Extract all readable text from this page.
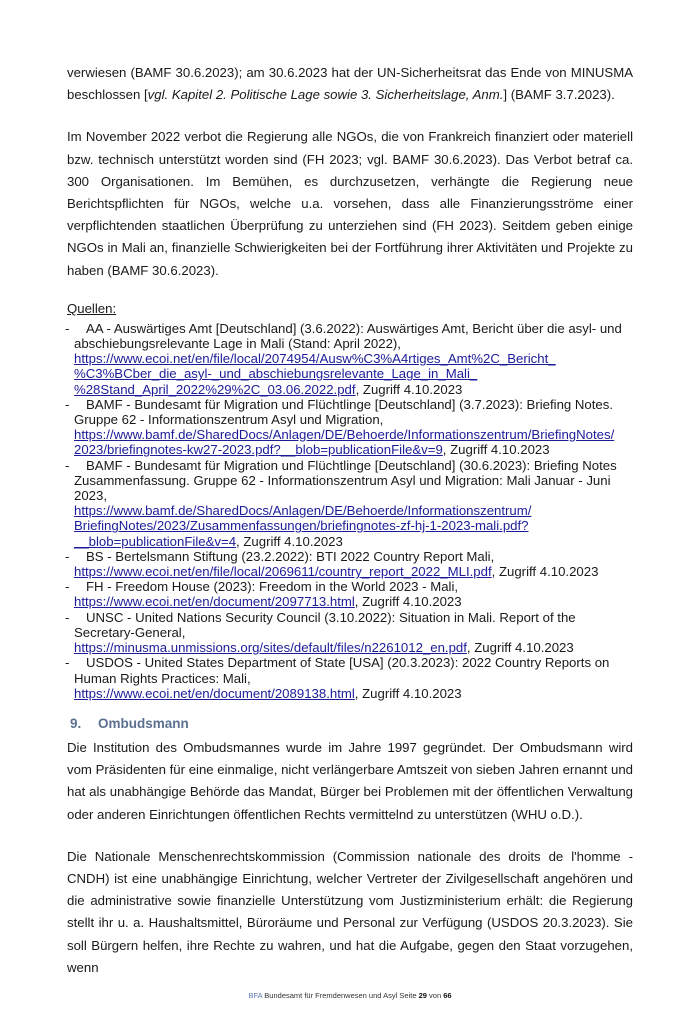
verwiesen (BAMF 30.6.2023); am 30.6.2023 hat der UN-Sicherheitsrat das Ende von MINUSMA beschlossen [vgl. Kapitel 2. Politische Lage sowie 3. Sicherheitslage, Anm.] (BAMF 3.7.2023).

Im November 2022 verbot die Regierung alle NGOs, die von Frankreich finanziert oder materiell bzw. technisch unterstützt worden sind (FH 2023; vgl. BAMF 30.6.2023). Das Verbot betraf ca. 300 Organisationen. Im Bemühen, es durchzusetzen, verhängte die Regierung neue Berichtspflichten für NGOs, welche u.a. vorsehen, dass alle Finanzierungsströme einer verpflichtenden staatlichen Überprüfung zu unterziehen sind (FH 2023). Seitdem geben einige NGOs in Mali an, finanzielle Schwierigkeiten bei der Fortführung ihrer Aktivitäten und Projekte zu haben (BAMF 30.6.2023).

Quellen:
-	AA - Auswärtiges Amt [Deutschland] (3.6.2022): Auswärtiges Amt, Bericht über die asyl- und abschiebungsrelevante Lage in Mali (Stand: April 2022),
https://www.ecoi.net/en/file/local/2074954/Ausw%C3%A4rtiges_Amt%2C_Bericht_
%C3%BCber_die_asyl-_und_abschiebungsrelevante_Lage_in_Mali_
%28Stand_April_2022%29%2C_03.06.2022.pdf, Zugriff 4.10.2023
-	BAMF - Bundesamt für Migration und Flüchtlinge [Deutschland] (3.7.2023): Briefing Notes. Gruppe 62 - Informationszentrum Asyl und Migration,
https://www.bamf.de/SharedDocs/Anlagen/DE/Behoerde/Informationszentrum/BriefingNotes/
2023/briefingnotes-kw27-2023.pdf?__blob=publicationFile&v=9, Zugriff 4.10.2023
-	BAMF - Bundesamt für Migration und Flüchtlinge [Deutschland] (30.6.2023): Briefing Notes Zusammenfassung. Gruppe 62 - Informationszentrum Asyl und Migration: Mali Januar - Juni 2023,
https://www.bamf.de/SharedDocs/Anlagen/DE/Behoerde/Informationszentrum/
BriefingNotes/2023/Zusammenfassungen/briefingnotes-zf-hj-1-2023-mali.pdf?
__blob=publicationFile&v=4, Zugriff 4.10.2023
-	BS - Bertelsmann Stiftung (23.2.2022): BTI 2022 Country Report Mali,
https://www.ecoi.net/en/file/local/2069611/country_report_2022_MLI.pdf, Zugriff 4.10.2023
-	FH - Freedom House (2023): Freedom in the World 2023 - Mali,
https://www.ecoi.net/en/document/2097713.html, Zugriff 4.10.2023
-	UNSC - United Nations Security Council (3.10.2022): Situation in Mali. Report of the Secretary-General,
https://minusma.unmissions.org/sites/default/files/n2261012_en.pdf, Zugriff 4.10.2023
-	USDOS - United States Department of State [USA] (20.3.2023): 2022 Country Reports on Human Rights Practices: Mali,
https://www.ecoi.net/en/document/2089138.html, Zugriff 4.10.2023
9. Ombudsmann

Die Institution des Ombudsmannes wurde im Jahre 1997 gegründet. Der Ombudsmann wird vom Präsidenten für eine einmalige, nicht verlängerbare Amtszeit von sieben Jahren ernannt und hat als unabhängige Behörde das Mandat, Bürger bei Problemen mit der öffentlichen Verwaltung oder anderen Einrichtungen öffentlichen Rechts vermittelnd zu unterstützen (WHU o.D.).

Die Nationale Menschenrechtskommission (Commission nationale des droits de l'homme - CNDH) ist eine unabhängige Einrichtung, welcher Vertreter der Zivilgesellschaft angehören und die administrative sowie finanzielle Unterstützung vom Justizministerium erhält: die Regierung stellt ihr u. a. Haushaltsmittel, Büroräume und Personal zur Verfügung (USDOS 20.3.2023). Sie soll Bürgern helfen, ihre Rechte zu wahren, und hat die Aufgabe, gegen den Staat vorzugehen, wenn

BFA Bundesamt für Fremdenwesen und Asyl Seite 29 von 66
